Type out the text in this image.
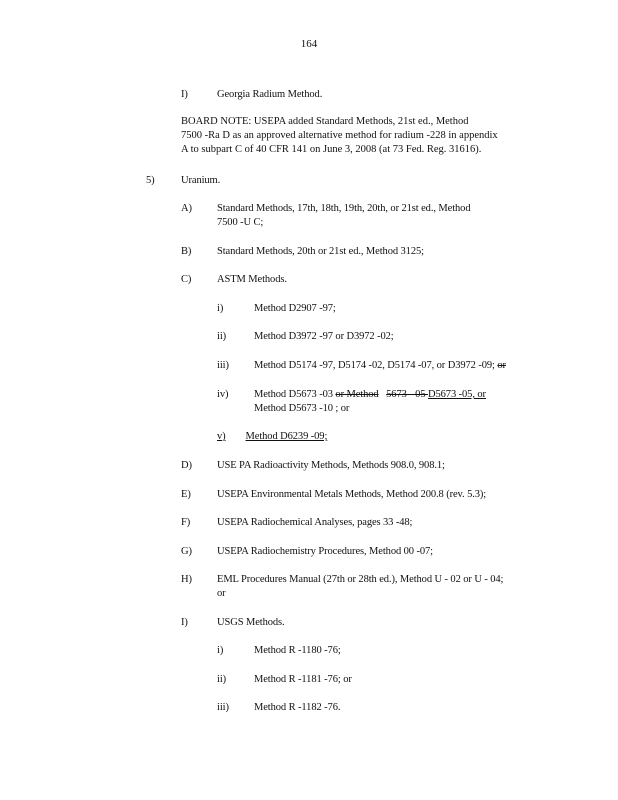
164
I)	Georgia Radium Method.
BOARD NOTE: USEPA added Standard Methods, 21st ed., Method
7500 -Ra D as an approved alternative method for radium -228 in appendix
A to subpart C of 40 CFR 141 on June 3, 2008 (at 73 Fed. Reg. 31616).
5)	Uranium.
A) Standard Methods, 17th, 18th, 19th, 20th, or 21st ed., Method
7500 -U C;
B) Standard Methods, 20th or 21st ed., Method 3125;
C) ASTM Methods.
i)	Method D2907 -97;
ii)	Method D3972 -97 or D3972 -02;
iii) Method D5174 -97, D5174 -02, D5174 -07, or D3972 -09; or
iv) Method D5673 -03 or Method 5673 - 05 D5673 -05, or
Method D5673 -10 ; or
v) Method D6239 -09;
D) USE PA Radioactivity Methods, Methods 908.0, 908.1;
E)	USEPA Environmental Metals Methods, Method 200.8 (rev. 5.3);
F)	USEPA Radiochemical Analyses, pages 33 -48;
G) USEPA Radiochemistry Procedures, Method 00 -07;
H) EML Procedures Manual (27th or 28th ed.), Method U - 02 or U - 04;
or
I)	USGS Methods.
i)	Method R -1180 -76;
ii)	Method R -1181 -76; or
iii) Method R -1182 -76.
